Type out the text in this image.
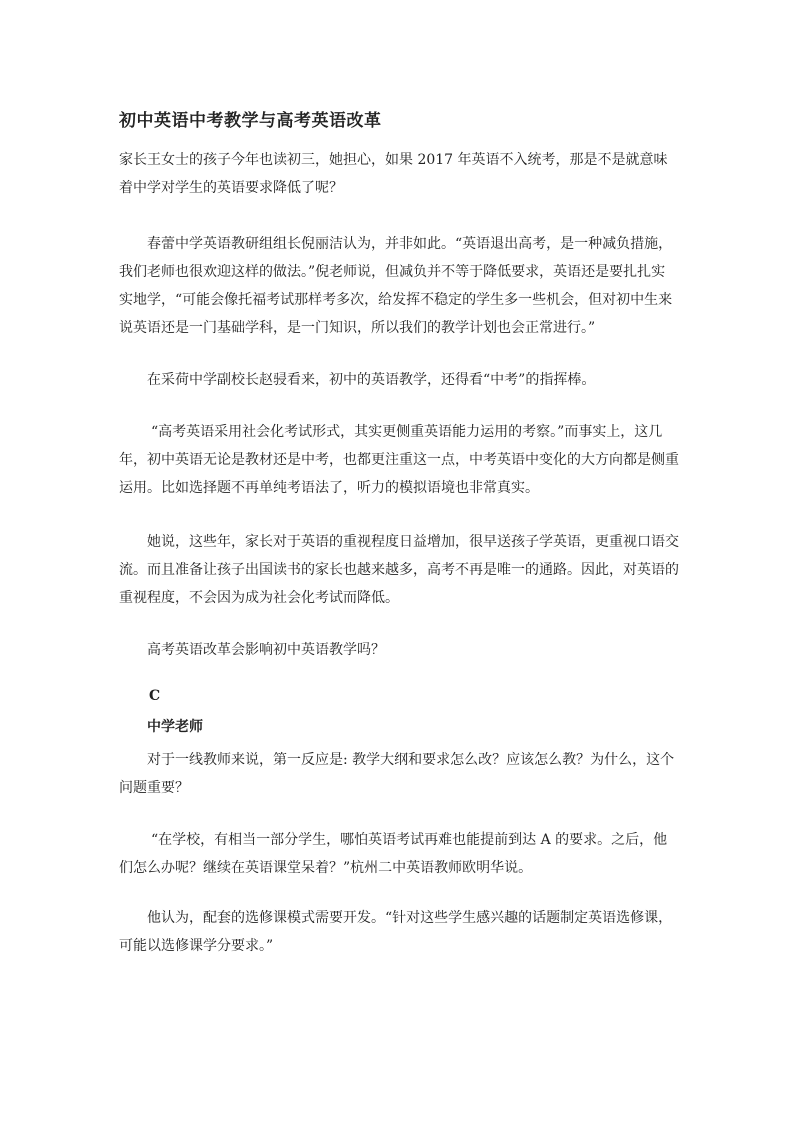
初中英语中考教学与高考英语改革

家长王女士的孩子今年也读初三，她担心，如果 2017 年英语不入统考，那是不是就意味着中学对学生的英语要求降低了呢？

春蕾中学英语教研组组长倪丽洁认为，并非如此。“英语退出高考，是一种减负措施，我们老师也很欢迎这样的做法。”倪老师说，但减负并不等于降低要求，英语还是要扎扎实实地学，“可能会像托福考试那样考多次，给发挥不稳定的学生多一些机会，但对初中生来说英语还是一门基础学科，是一门知识，所以我们的教学计划也会正常进行。”

在采荷中学副校长赵骎看来，初中的英语教学，还得看“中考”的指挥棒。

“高考英语采用社会化考试形式，其实更侧重英语能力运用的考察。”而事实上，这几年，初中英语无论是教材还是中考，也都更注重这一点，中考英语中变化的大方向都是侧重运用。比如选择题不再单纯考语法了，听力的模拟语境也非常真实。

她说，这些年，家长对于英语的重视程度日益增加，很早送孩子学英语，更重视口语交流。而且准备让孩子出国读书的家长也越来越多，高考不再是唯一的通路。因此，对英语的重视程度，不会因为成为社会化考试而降低。

高考英语改革会影响初中英语教学吗？

C
中学老师

对于一线教师来说，第一反应是: 教学大纲和要求怎么改？应该怎么教？为什么，这个问题重要？

“在学校，有相当一部分学生，哪怕英语考试再难也能提前到达 A 的要求。之后，他们怎么办呢？继续在英语课堂呆着？”杭州二中英语教师欧明华说。

他认为，配套的选修课模式需要开发。“针对这些学生感兴趣的话题制定英语选修课，可能以选修课学分要求。”
